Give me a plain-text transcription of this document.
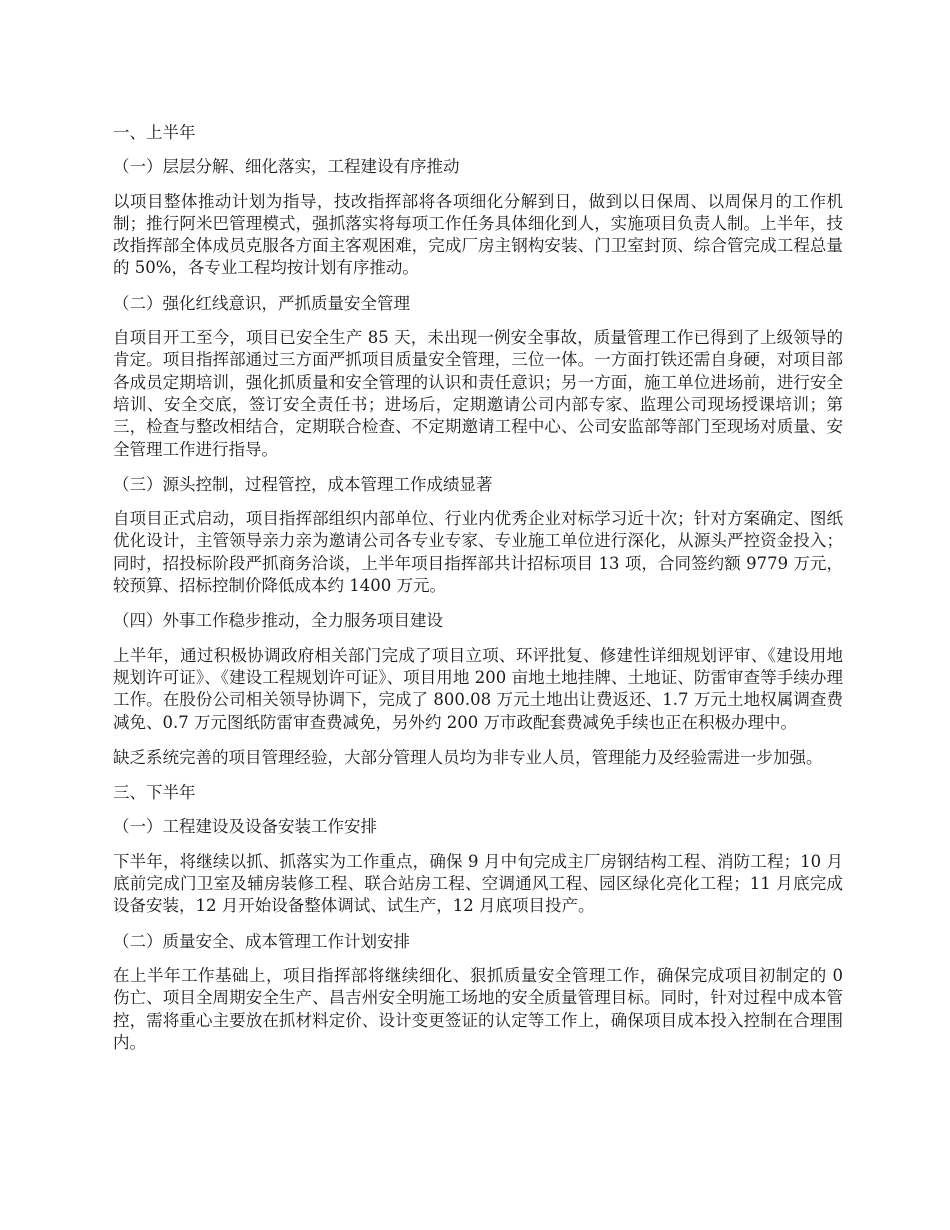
一、上半年
（一）层层分解、细化落实，工程建设有序推动
以项目整体推动计划为指导，技改指挥部将各项细化分解到日，做到以日保周、以周保月的工作机制；推行阿米巴管理模式，强抓落实将每项工作任务具体细化到人，实施项目负责人制。上半年，技改指挥部全体成员克服各方面主客观困难，完成厂房主钢构安装、门卫室封顶、综合管完成工程总量的 50%，各专业工程均按计划有序推动。
（二）强化红线意识，严抓质量安全管理
自项目开工至今，项目已安全生产 85 天，未出现一例安全事故，质量管理工作已得到了上级领导的肯定。项目指挥部通过三方面严抓项目质量安全管理，三位一体。一方面打铁还需自身硬，对项目部各成员定期培训，强化抓质量和安全管理的认识和责任意识；另一方面，施工单位进场前，进行安全培训、安全交底，签订安全责任书；进场后，定期邀请公司内部专家、监理公司现场授课培训；第三，检查与整改相结合，定期联合检查、不定期邀请工程中心、公司安监部等部门至现场对质量、安全管理工作进行指导。
（三）源头控制，过程管控，成本管理工作成绩显著
自项目正式启动，项目指挥部组织内部单位、行业内优秀企业对标学习近十次；针对方案确定、图纸优化设计，主管领导亲力亲为邀请公司各专业专家、专业施工单位进行深化，从源头严控资金投入；同时，招投标阶段严抓商务洽谈，上半年项目指挥部共计招标项目 13 项，合同签约额 9779 万元，较预算、招标控制价降低成本约 1400 万元。
（四）外事工作稳步推动，全力服务项目建设
上半年，通过积极协调政府相关部门完成了项目立项、环评批复、修建性详细规划评审、《建设用地规划许可证》、《建设工程规划许可证》、项目用地 200 亩地土地挂牌、土地证、防雷审查等手续办理工作。在股份公司相关领导协调下，完成了 800.08 万元土地出让费返还、1.7 万元土地权属调查费减免、0.7 万元图纸防雷审查费减免，另外约 200 万市政配套费减免手续也正在积极办理中。
缺乏系统完善的项目管理经验，大部分管理人员均为非专业人员，管理能力及经验需进一步加强。
三、下半年
（一）工程建设及设备安装工作安排
下半年，将继续以抓、抓落实为工作重点，确保 9 月中旬完成主厂房钢结构工程、消防工程；10 月底前完成门卫室及辅房装修工程、联合站房工程、空调通风工程、园区绿化亮化工程；11 月底完成设备安装，12 月开始设备整体调试、试生产，12 月底项目投产。
（二）质量安全、成本管理工作计划安排
在上半年工作基础上，项目指挥部将继续细化、狠抓质量安全管理工作，确保完成项目初制定的 0 伤亡、项目全周期安全生产、昌吉州安全明施工场地的安全质量管理目标。同时，针对过程中成本管控，需将重心主要放在抓材料定价、设计变更签证的认定等工作上，确保项目成本投入控制在合理围内。
